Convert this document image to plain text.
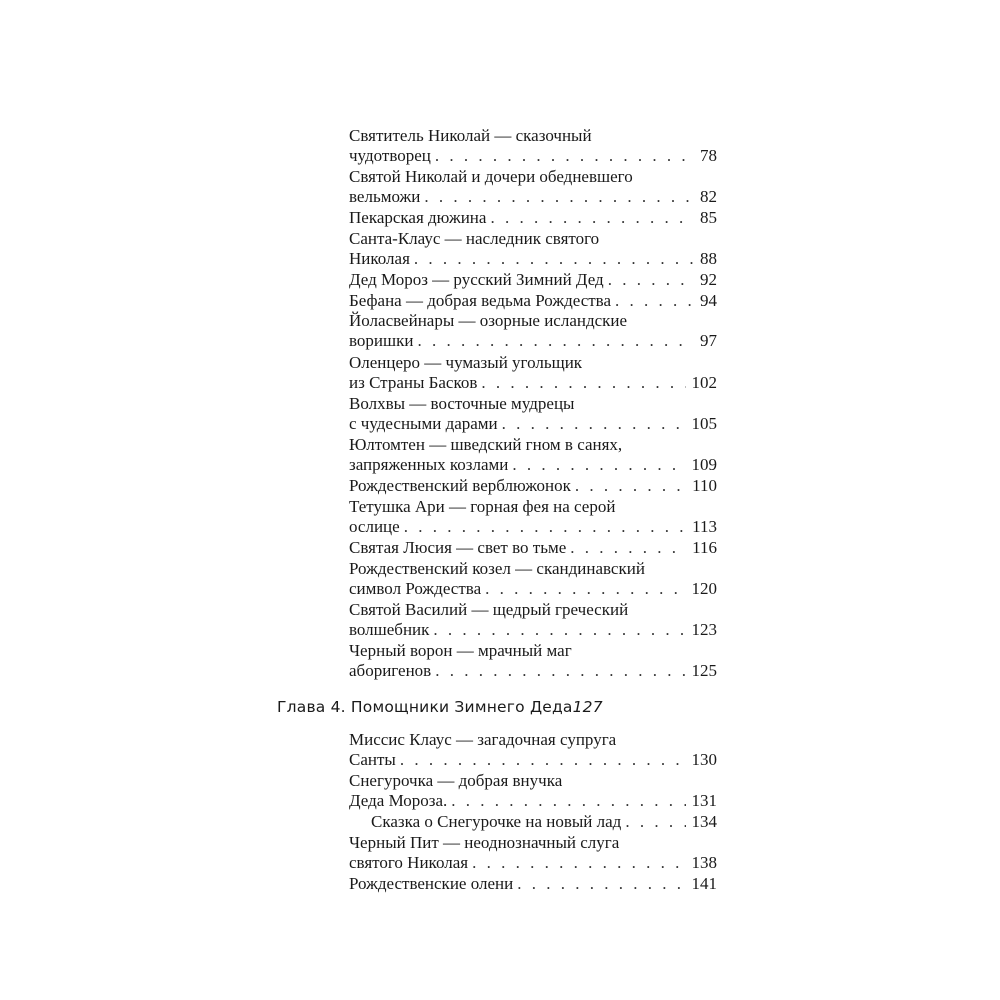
Святитель Николай — сказочный
чудотворец . . .	78
Святой Николай и дочери обедневшего
вельможи . . .	82
Пекарская дюжина . . .	85
Санта-Клаус — наследник святого
Николая . . .	88
Дед Мороз — русский Зимний Дед . . .	92
Бефана — добрая ведьма Рождества . . .	94
Йоласвейнары — озорные исландские
воришки . . .	97
Оленцеро — чумазый угольщик
из Страны Басков . . .	102
Волхвы — восточные мудрецы
с чудесными дарами . . .	105
Юлтомтен — шведский гном в санях,
запряженных козлами . . .	109
Рождественский верблюжонок . . .	110
Тетушка Ари — горная фея на серой
ослице . . .	113
Святая Люсия — свет во тьме . . .	116
Рождественский козел — скандинавский
символ Рождества . . .	120
Святой Василий — щедрый греческий
волшебник . . .	123
Черный ворон — мрачный маг
аборигенов . . .	125
Глава 4. Помощники Зимнего Деда127
Миссис Клаус — загадочная супруга
Санты . . .	130
Снегурочка — добрая внучка
Деда Мороза. . . .	131
Сказка о Снегурочке на новый лад . . .	134
Черный Пит — неоднозначный слуга
святого Николая . . .	138
Рождественские олени . . .	141
